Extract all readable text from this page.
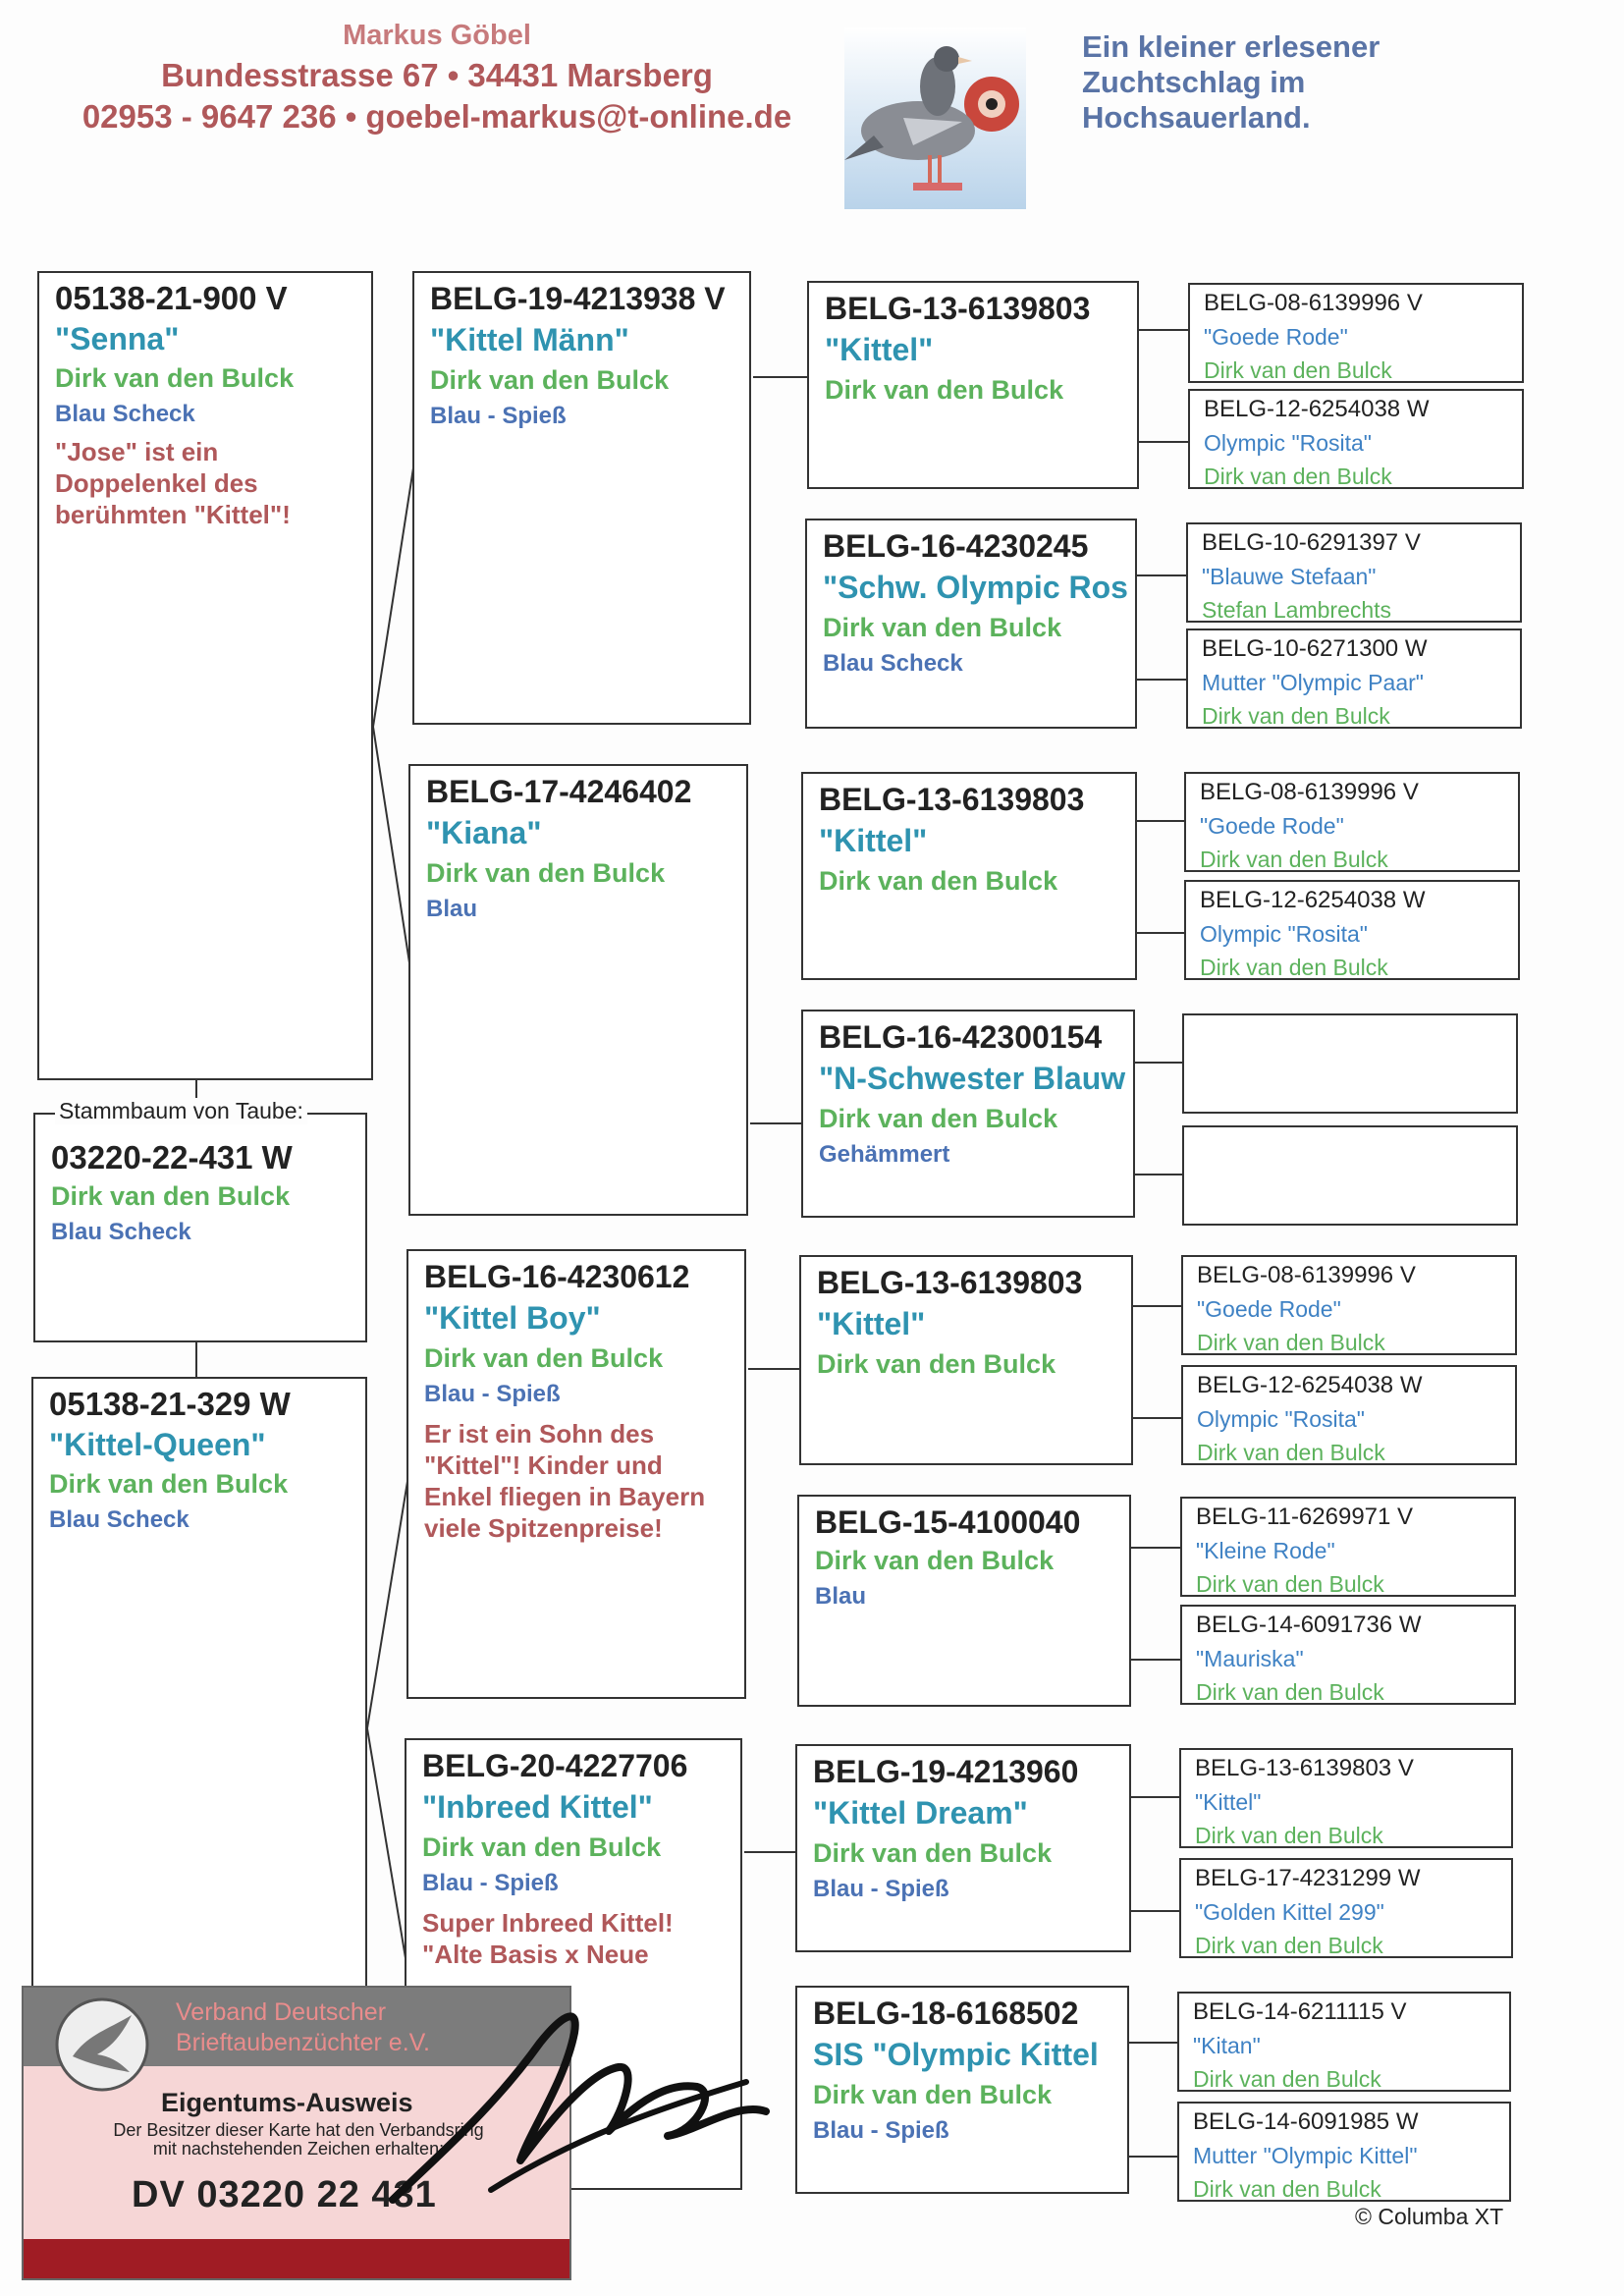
Markus Göbel
Bundesstrasse 67 • 34431 Marsberg
02953 - 9647 236 • goebel-markus@t-online.de
Ein kleiner erlesener
Zuchtschlag im
Hochsauerland.
05138-21-900 V
"Senna"
Dirk van den Bulck
Blau Scheck
"Jose" ist ein Doppelenkel des berühmten "Kittel"!
03220-22-431 W
Dirk van den Bulck
Blau Scheck
Stammbaum von Taube:
05138-21-329 W
"Kittel-Queen"
Dirk van den Bulck
Blau Scheck
BELG-19-4213938 V
"Kittel Männ"
Dirk van den Bulck
Blau - Spieß
BELG-17-4246402
"Kiana"
Dirk van den Bulck
Blau
BELG-16-4230612
"Kittel Boy"
Dirk van den Bulck
Blau - Spieß
Er ist ein Sohn des "Kittel"! Kinder und Enkel fliegen in Bayern viele Spitzenpreise!
BELG-20-4227706
"Inbreed Kittel"
Dirk van den Bulck
Blau - Spieß
Super Inbreed Kittel! "Alte Basis x Neue
BELG-13-6139803
"Kittel"
Dirk van den Bulck
BELG-16-4230245
"Schw. Olympic Ros
Dirk van den Bulck
Blau Scheck
BELG-13-6139803
"Kittel"
Dirk van den Bulck
BELG-16-42300154
"N-Schwester Blauw
Dirk van den Bulck
Gehämmert
BELG-13-6139803
"Kittel"
Dirk van den Bulck
BELG-15-4100040
Dirk van den Bulck
Blau
BELG-19-4213960
"Kittel Dream"
Dirk van den Bulck
Blau - Spieß
BELG-18-6168502
SIS "Olympic Kittel
Dirk van den Bulck
Blau - Spieß
BELG-08-6139996 V
"Goede Rode"
Dirk van den Bulck
BELG-12-6254038 W
Olympic "Rosita"
Dirk van den Bulck
BELG-10-6291397 V
"Blauwe Stefaan"
Stefan Lambrechts
BELG-10-6271300 W
Mutter "Olympic Paar"
Dirk van den Bulck
BELG-08-6139996 V
"Goede Rode"
Dirk van den Bulck
BELG-12-6254038 W
Olympic "Rosita"
Dirk van den Bulck
BELG-08-6139996 V
"Goede Rode"
Dirk van den Bulck
BELG-12-6254038 W
Olympic "Rosita"
Dirk van den Bulck
BELG-11-6269971 V
"Kleine Rode"
Dirk van den Bulck
BELG-14-6091736 W
"Mauriska"
Dirk van den Bulck
BELG-13-6139803 V
"Kittel"
Dirk van den Bulck
BELG-17-4231299 W
"Golden Kittel 299"
Dirk van den Bulck
BELG-14-6211115 V
"Kitan"
Dirk van den Bulck
BELG-14-6091985 W
Mutter "Olympic Kittel"
Dirk van den Bulck
Verband Deutscher
Brieftaubenzüchter e.V.
Eigentums-Ausweis
Der Besitzer dieser Karte hat den Verbandsring
mit nachstehenden Zeichen erhalten:
DV 03220 22 431
© Columba XT
